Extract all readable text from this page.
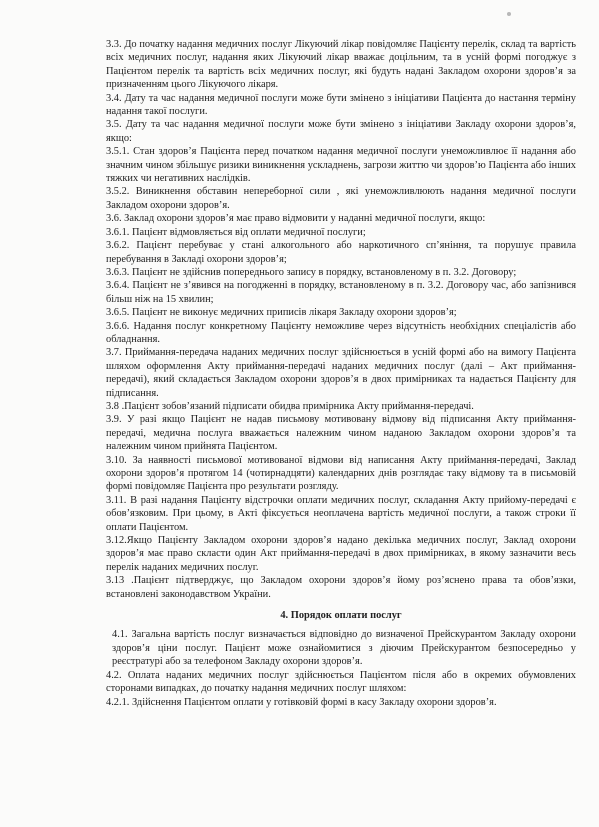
3.3. До початку надання медичних послуг Лікуючий лікар повідомляє Пацієнту перелік, склад та вартість всіх медичних послуг, надання яких Лікуючий лікар вважає доцільним, та в усній формі погоджує з Пацієнтом перелік та вартість всіх медичних послуг, які будуть надані Закладом охорони здоров’я за призначенням цього Лікуючого лікаря.

3.4. Дату та час надання медичної послуги може бути змінено з ініціативи Пацієнта до настання терміну надання такої послуги.

3.5. Дату та час надання медичної послуги може бути змінено з ініціативи Закладу охорони здоров’я, якщо:

3.5.1. Стан здоров’я Пацієнта перед початком надання медичної послуги унеможливлює її надання або значним чином збільшує ризики виникнення ускладнень, загрози життю чи здоров’ю Пацієнта або інших тяжких чи негативних наслідків.

3.5.2. Виникнення обставин непереборної сили , які унеможливлюють надання медичної послуги Закладом охорони здоров’я.

3.6. Заклад охорони здоров’я має право відмовити у наданні медичної послуги, якщо:

3.6.1. Пацієнт відмовляється від оплати медичної послуги;

3.6.2. Пацієнт перебуває у стані алкогольного або наркотичного сп’яніння, та порушує правила перебування в Закладі охорони здоров’я;

3.6.3. Пацієнт не здійснив попереднього запису в порядку, встановленому в п. 3.2. Договору;

3.6.4. Пацієнт не з’явився на погодженні в порядку, встановленому в п. 3.2. Договору час, або запізнився більш ніж на 15 хвилин;

3.6.5. Пацієнт не виконує медичних приписів лікаря Закладу охорони здоров’я;

3.6.6. Надання послуг конкретному Пацієнту неможливе через відсутність необхідних спеціалістів або обладнання.

3.7. Приймання-передача наданих медичних послуг здійснюється в усній формі або на вимогу Пацієнта шляхом оформлення Акту приймання-передачі наданих медичних послуг (далі – Акт приймання-передачі), який складається Закладом охорони здоров’я в двох примірниках та надається Пацієнту для підписання.

3.8 .Пацієнт зобов’язаний підписати обидва примірника Акту приймання-передачі.

3.9. У разі якщо Пацієнт не надав письмову мотивовану відмову від підписання Акту приймання-передачі, медична послуга вважається належним чином наданою Закладом охорони здоров’я та належним чином прийнята Пацієнтом.

3.10. За наявності письмової мотивованої відмови від написання Акту приймання-передачі, Заклад охорони здоров’я протягом 14 (чотирнадцяти) календарних днів розглядає таку відмову та в письмовій формі повідомляє Пацієнта про результати розгляду.

3.11. В разі надання Пацієнту відстрочки оплати медичних послуг, складання Акту прийому-передачі є обов’язковим. При цьому, в Акті фіксується неоплачена вартість медичної послуги, а також строки її оплати Пацієнтом.

3.12.Якщо Пацієнту Закладом охорони здоров’я надано декілька медичних послуг, Заклад охорони здоров’я має право скласти один Акт приймання-передачі в двох примірниках, в якому зазначити весь перелік наданих медичних послуг.

3.13 .Пацієнт підтверджує, що Закладом охорони здоров’я йому роз’яснено права та обов’язки, встановлені законодавством України.

4. Порядок оплати послуг

4.1. Загальна вартість послуг визначається відповідно до визначеної Прейскурантом Закладу охорони здоров’я ціни послуг. Пацієнт може ознайомитися з діючим Прейскурантом безпосередньо у реєстратурі або за телефоном Закладу охорони здоров’я.

4.2. Оплата наданих медичних послуг здійснюється Пацієнтом після або в окремих обумовлених сторонами випадках, до початку надання медичних послуг шляхом:

4.2.1. Здійснення Пацієнтом оплати у готівковій формі в касу Закладу охорони здоров’я.
